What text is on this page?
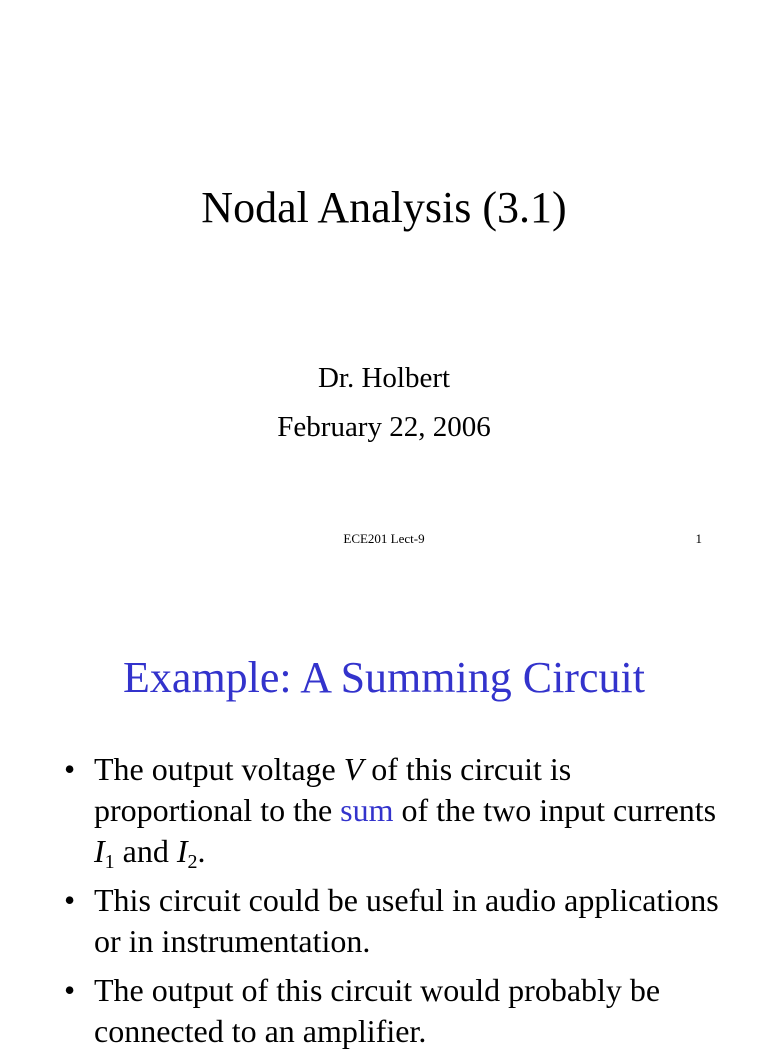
Nodal Analysis (3.1)
Dr. Holbert
February 22, 2006
ECE201 Lect-9	1
Example: A Summing Circuit
• The output voltage V of this circuit is proportional to the sum of the two input currents $I_1$ and $I_2$.
• This circuit could be useful in audio applications or in instrumentation.
• The output of this circuit would probably be connected to an amplifier.
